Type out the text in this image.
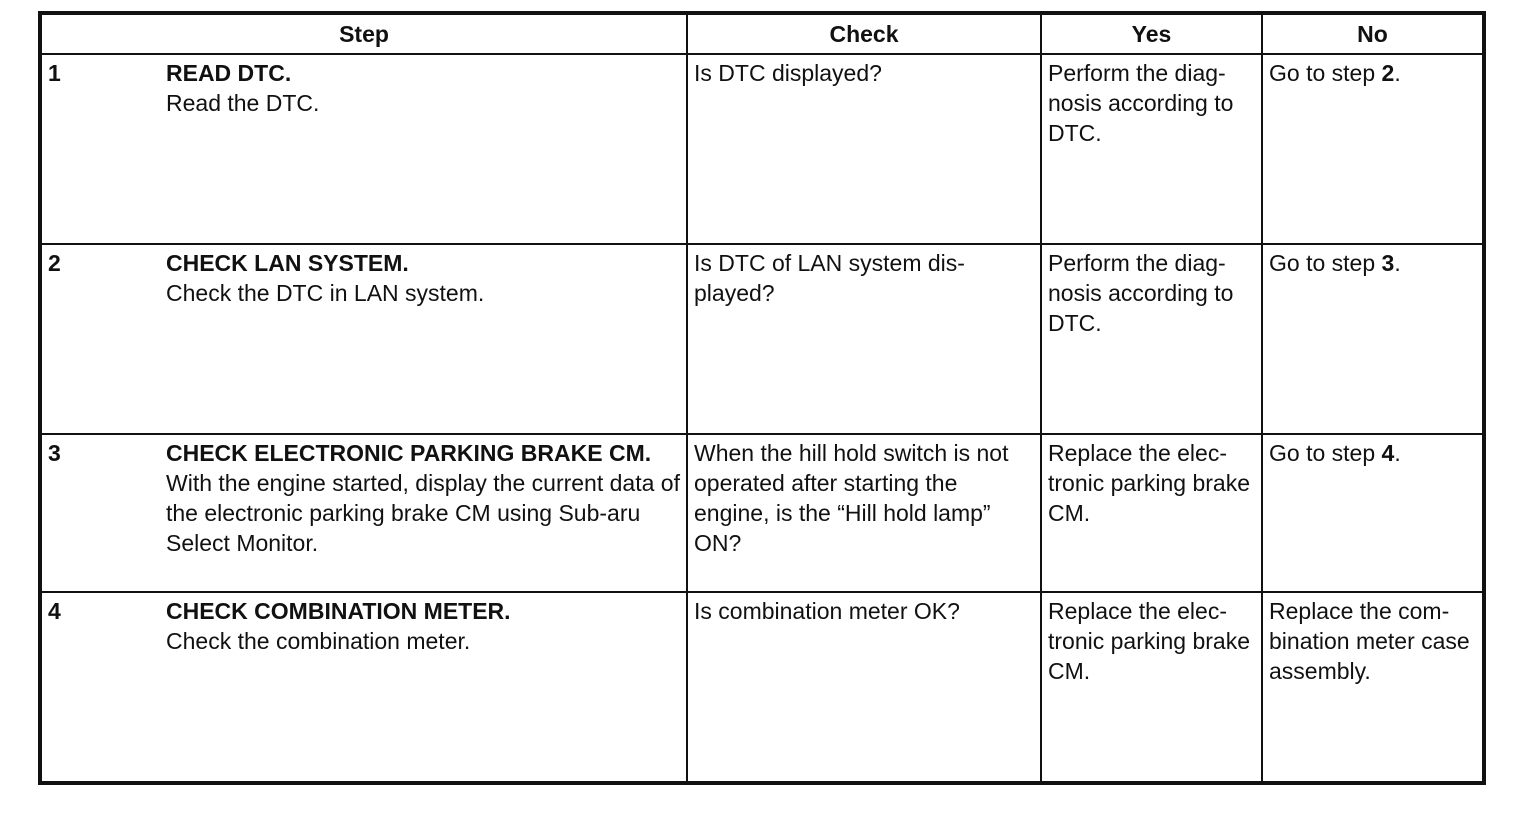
Step	Check	Yes	No

1 READ DTC.
Read the DTC.	Is DTC displayed?	Perform the diag-nosis according to DTC.	Go to step 2.

2 CHECK LAN SYSTEM.
Check the DTC in LAN system.	Is DTC of LAN system dis-played?	Perform the diag-nosis according to DTC.	Go to step 3.

3 CHECK ELECTRONIC PARKING BRAKE CM.
With the engine started, display the current data of the electronic parking brake CM using Sub-aru Select Monitor.	When the hill hold switch is not operated after starting the engine, is the “Hill hold lamp” ON?	Replace the elec-tronic parking brake CM.	Go to step 4.

4 CHECK COMBINATION METER.
Check the combination meter.	Is combination meter OK?	Replace the elec-tronic parking brake CM.	Replace the com-bination meter case assembly.
